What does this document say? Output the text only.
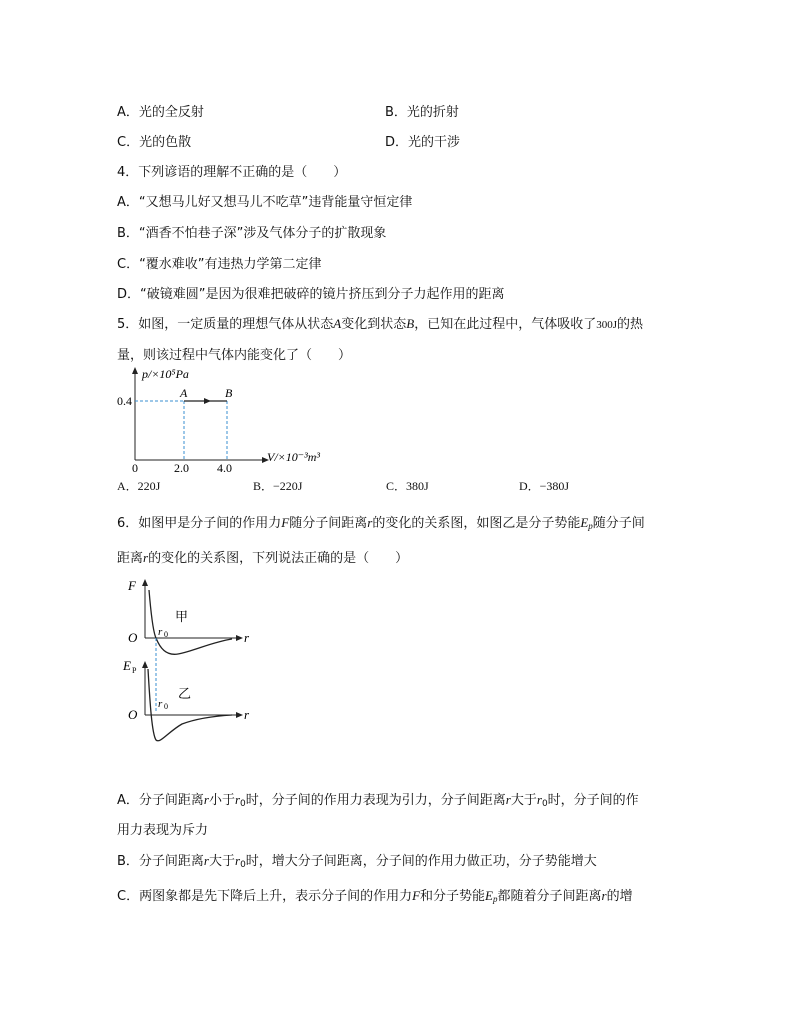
A．光的全反射	B．光的折射
C．光的色散	D．光的干涉
4．下列谚语的理解不正确的是（　　）
A．“又想马儿好又想马儿不吃草”违背能量守恒定律
B．“酒香不怕巷子深”涉及气体分子的扩散现象
C．“覆水难收”有违热力学第二定律
D．“破镜难圆”是因为很难把破碎的镜片挤压到分子力起作用的距离
5．如图，一定质量的理想气体从状态A变化到状态B，已知在此过程中，气体吸收了300J的热
量，则该过程中气体内能变化了（　　）
p/×10⁵Pa
0.4
0	2.0 4.0
A	B
V/×10⁻³m³
A．220J	B．−220J	C．380J	D．−380J
6．如图甲是分子间的作用力F随分子间距离r的变化的关系图，如图乙是分子势能$E_p$随分子间
距离r的变化的关系图，下列说法正确的是（　　）
F
O r 0
甲
r
E P
O
r 0
乙
r
A．分子间距离r小于$r_0$时，分子间的作用力表现为引力，分子间距离r大于$r_0$时，分子间的作
用力表现为斥力
B．分子间距离r大于$r_0$时，增大分子间距离，分子间的作用力做正功，分子势能增大
C．两图象都是先下降后上升，表示分子间的作用力F和分子势能$E_p$都随着分子间距离r的增
